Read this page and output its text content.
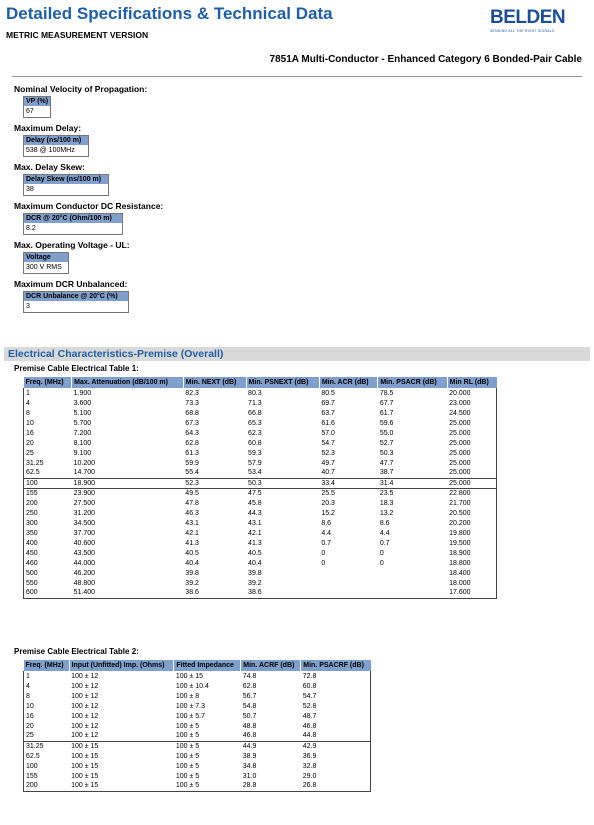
Detailed Specifications & Technical Data
METRIC MEASUREMENT VERSION
BELDEN
SENDING ALL THE RIGHT SIGNALS
7851A Multi-Conductor - Enhanced Category 6 Bonded-Pair Cable
Nominal Velocity of Propagation:
VP (%)
67
Maximum Delay:
Delay (ns/100 m)
538 @ 100MHz
Max. Delay Skew:
Delay Skew (ns/100 m)
38
Maximum Conductor DC Resistance:
DCR @ 20°C (Ohm/100 m)
8.2
Max. Operating Voltage - UL:
Voltage
300 V RMS
Maximum DCR Unbalanced:
DCR Unbalance @ 20°C (%)
3
Electrical Characteristics-Premise (Overall)
Premise Cable Electrical Table 1:
Freq. (MHz)	Max. Attenuation (dB/100 m)	Min. NEXT (dB)	Min. PSNEXT (dB)	Min. ACR (dB)	Min. PSACR (dB)	Min RL (dB)
1	1.900	82.3	80.3	80.5	78.5	20.000
4	3.600	73.3	71.3	69.7	67.7	23.000
8	5.100	68.8	66.8	63.7	61.7	24.500
10	5.700	67.3	65.3	61.6	59.6	25.000
16	7.200	64.3	62.3	57.0	55.0	25.000
20	8.100	62.8	60.8	54.7	52.7	25.000
25	9.100	61.3	59.3	52.3	50.3	25.000
31.25	10.200	59.9	57.9	49.7	47.7	25.000
62.5	14.700	55.4	53.4	40.7	38.7	25.000
100	18.900	52.3	50.3	33.4	31.4	25.000
155	23.900	49.5	47.5	25.5	23.5	22.800
200	27.500	47.8	45.8	20.3	18.3	21.700
250	31.200	46.3	44.3	15.2	13.2	20.500
300	34.500	43.1	43.1	8.6	8.6	20.200
350	37.700	42.1	42.1	4.4	4.4	19.800
400	40.600	41.3	41.3	0.7	0.7	19.500
450	43.500	40.5	40.5	0	0	18.900
460	44.000	40.4	40.4	0	0	18.800
500	46.200	39.8	39.8			18.400
550	48.800	39.2	39.2			18.000
600	51.400	38.6	38.6			17.600
Premise Cable Electrical Table 2:
Freq. (MHz)	Input (Unfitted) Imp. (Ohms)	Fitted Impedance	Min. ACRF (dB)	Min. PSACRF (dB)
1	100 ± 12	100 ± 15	74.8	72.8
4	100 ± 12	100 ± 10.4	62.8	60.8
8	100 ± 12	100 ± 8	56.7	54.7
10	100 ± 12	100 ± 7.3	54.8	52.8
16	100 ± 12	100 ± 5.7	50.7	48.7
20	100 ± 12	100 ± 5	48.8	46.8
25	100 ± 12	100 ± 5	46.8	44.8
31.25	100 ± 15	100 ± 5	44.9	42.9
62.5	100 ± 15	100 ± 5	38.9	36.9
100	100 ± 15	100 ± 5	34.8	32.8
155	100 ± 15	100 ± 5	31.0	29.0
200	100 ± 15	100 ± 5	28.8	26.8
